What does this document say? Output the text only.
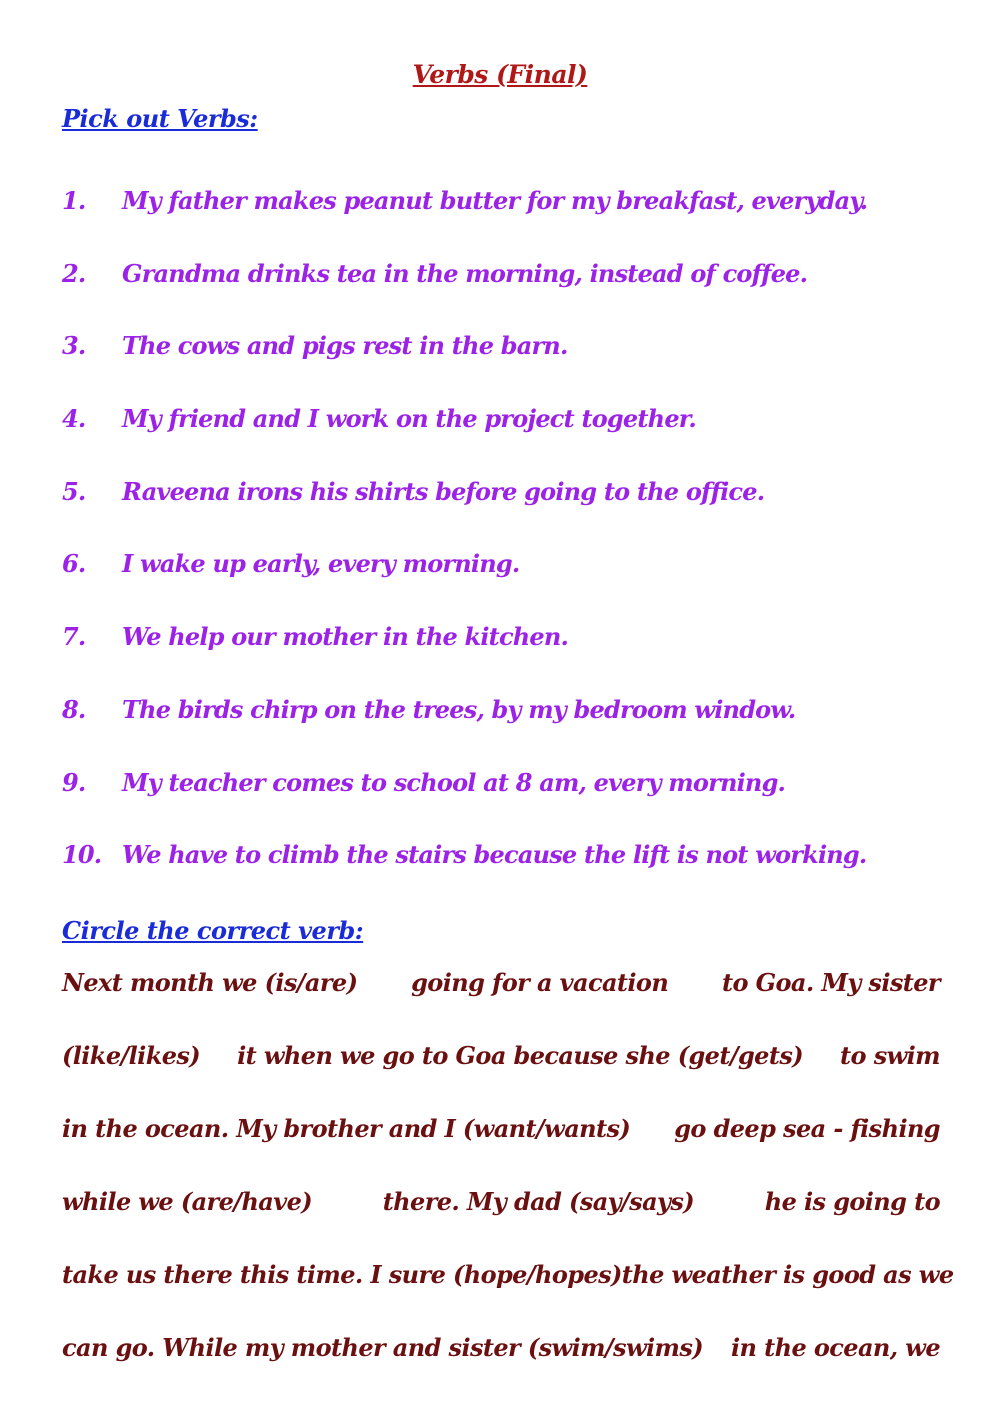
Verbs (Final)
Pick out Verbs:
1.	My father makes peanut butter for my breakfast, everyday.
2.	Grandma drinks tea in the morning, instead of coffee.
3.	The cows and pigs rest in the barn.
4.	My friend and I work on the project together.
5.	Raveena irons his shirts before going to the office.
6.	I wake up early, every morning.
7.	We help our mother in the kitchen.
8.	The birds chirp on the trees, by my bedroom window.
9.	My teacher comes to school at 8 am, every morning.
10. We have to climb the stairs because the lift is not working.
Circle the correct verb:
Next month we (is/are) going for a vacation to Goa. My sister
(like/likes) it when we go to Goa because she (get/gets) to swim
in the ocean. My brother and I (want/wants) go deep sea - fishing
while we (are/have)	there. My dad (say/says)	he is going to
take us there this time. I sure (hope/hopes) the weather is good as we
can go. While my mother and sister (swim/swims) in the ocean, we
